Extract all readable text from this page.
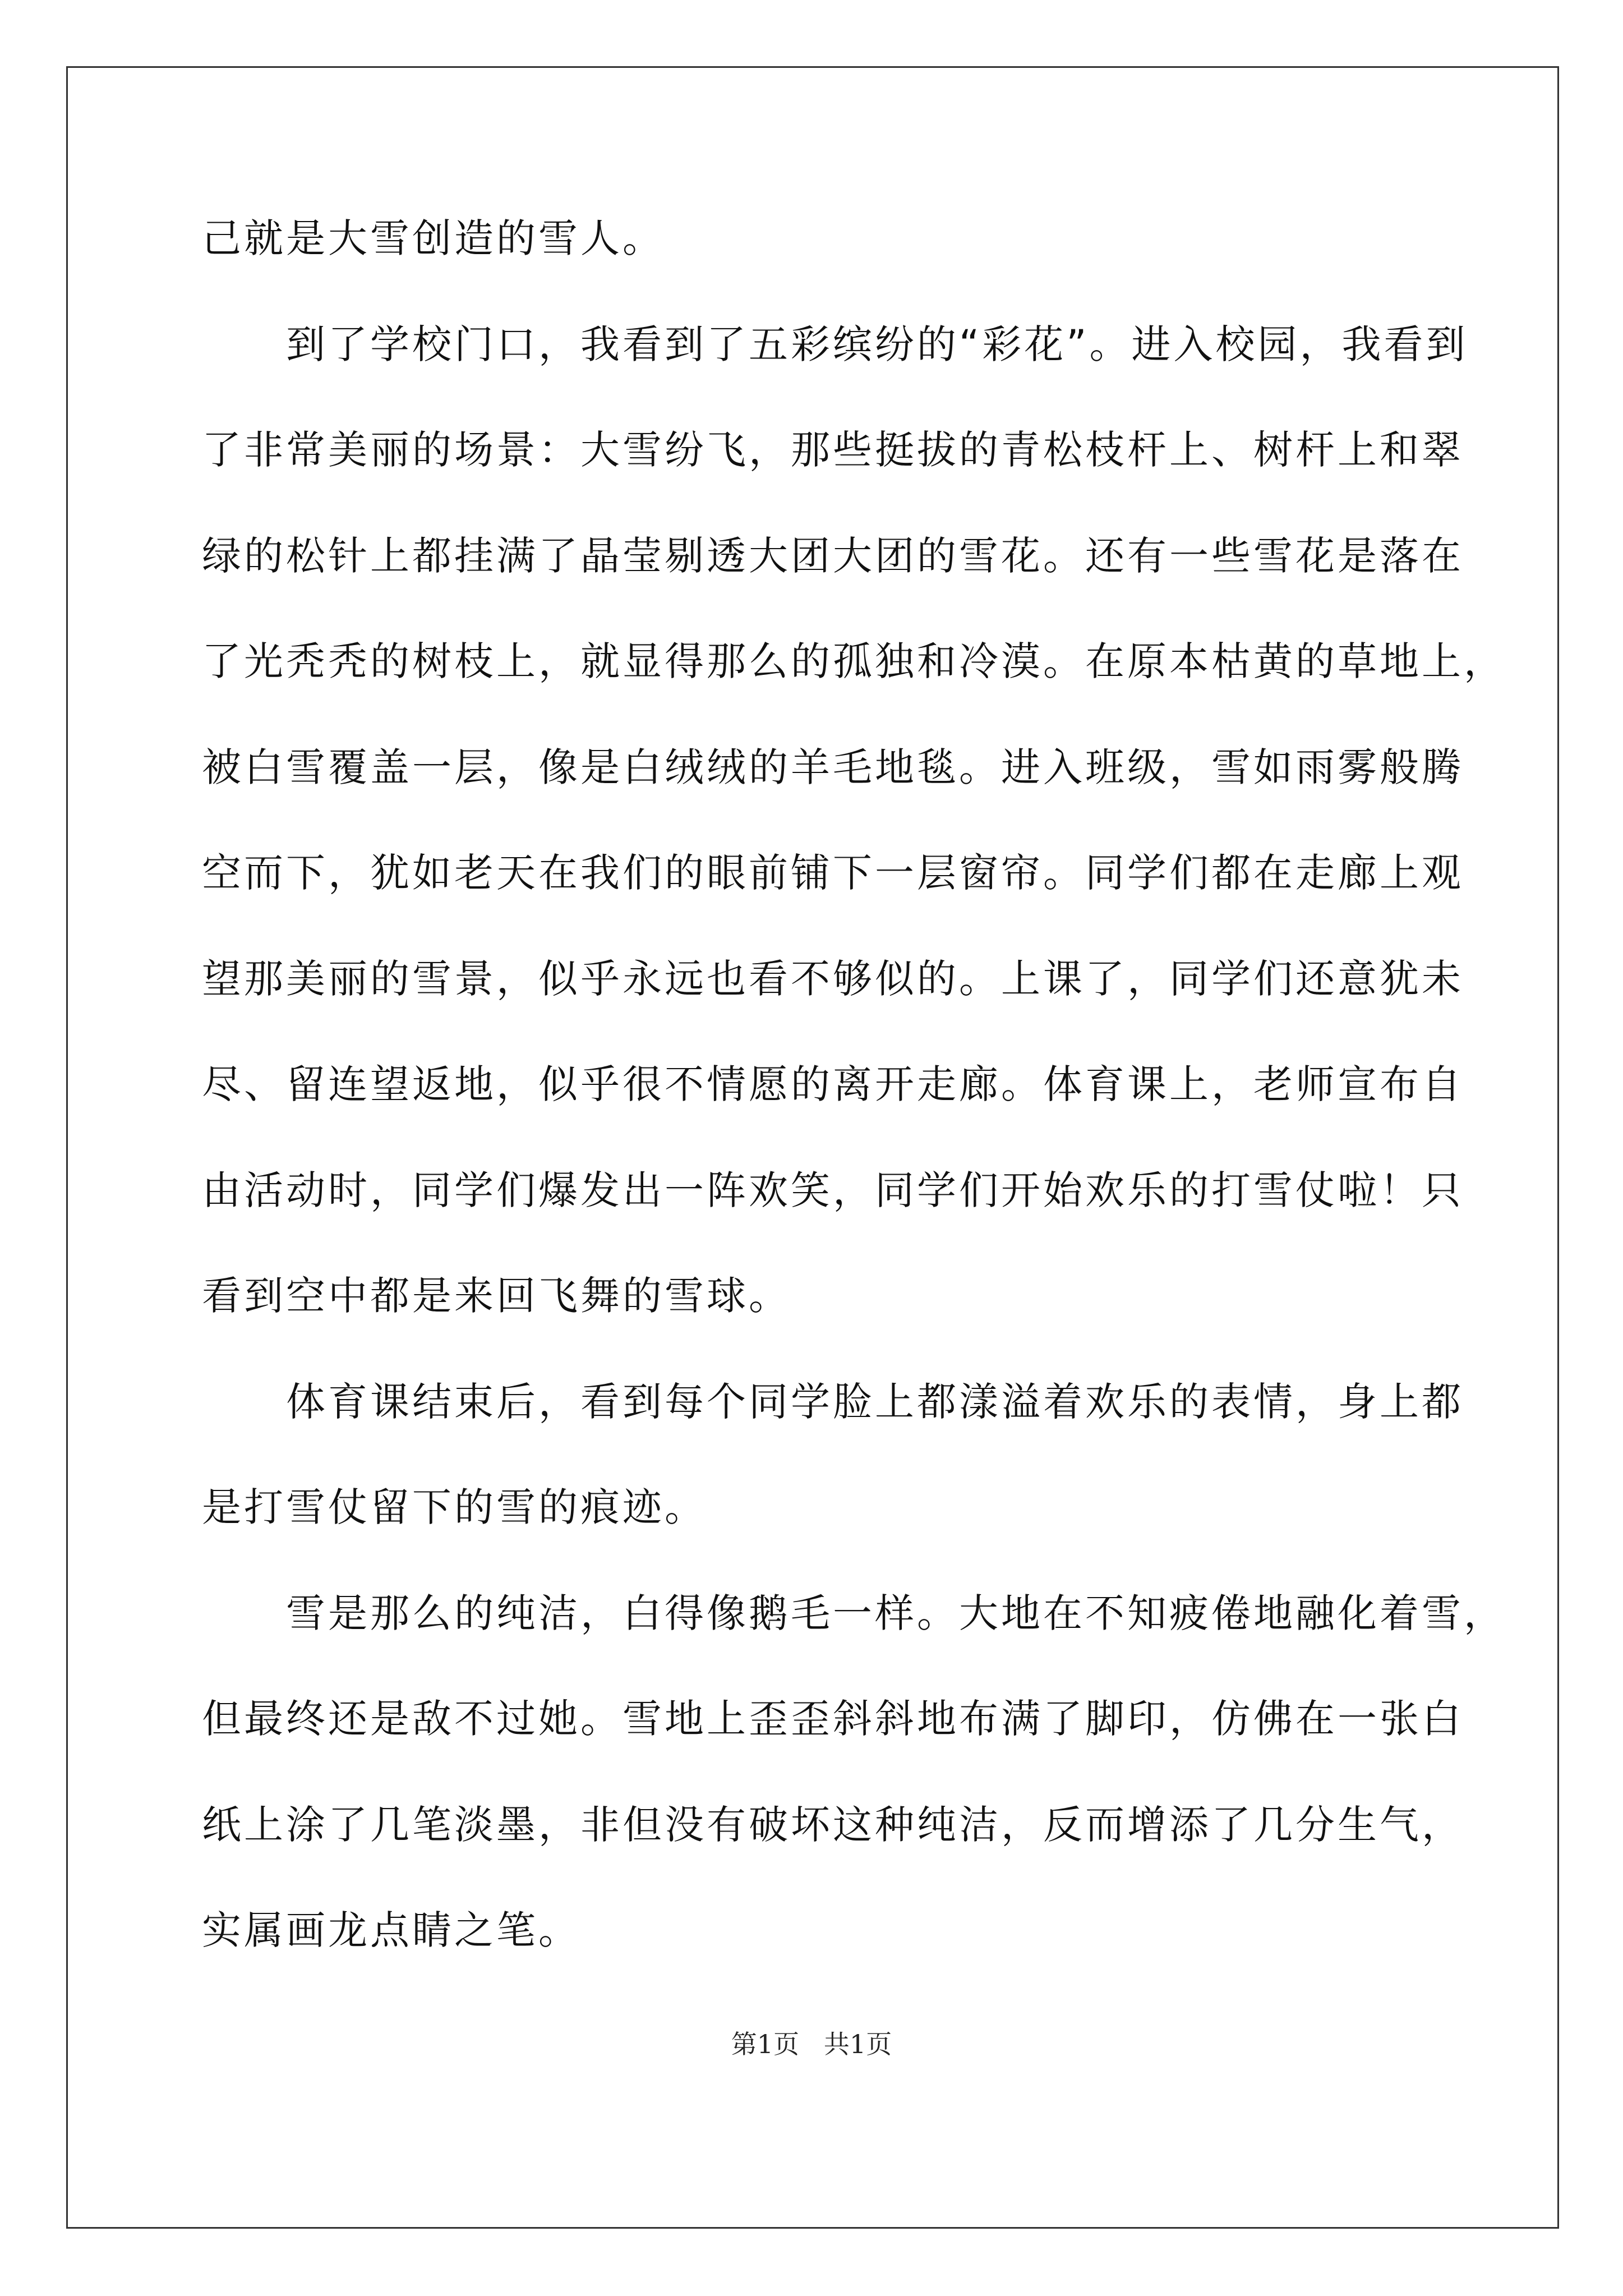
己就是大雪创造的雪人。
　　到了学校门口，我看到了五彩缤纷的“彩花”。进入校园，我看到
了非常美丽的场景：大雪纷飞，那些挺拔的青松枝杆上、树杆上和翠
绿的松针上都挂满了晶莹剔透大团大团的雪花。还有一些雪花是落在
了光秃秃的树枝上，就显得那么的孤独和冷漠。在原本枯黄的草地上，
被白雪覆盖一层，像是白绒绒的羊毛地毯。进入班级，雪如雨雾般腾
空而下，犹如老天在我们的眼前铺下一层窗帘。同学们都在走廊上观
望那美丽的雪景，似乎永远也看不够似的。上课了，同学们还意犹未
尽、留连望返地，似乎很不情愿的离开走廊。体育课上，老师宣布自
由活动时，同学们爆发出一阵欢笑，同学们开始欢乐的打雪仗啦！只
看到空中都是来回飞舞的雪球。
　　体育课结束后，看到每个同学脸上都漾溢着欢乐的表情，身上都
是打雪仗留下的雪的痕迹。
　　雪是那么的纯洁，白得像鹅毛一样。大地在不知疲倦地融化着雪，
但最终还是敌不过她。雪地上歪歪斜斜地布满了脚印，仿佛在一张白
纸上涂了几笔淡墨，非但没有破坏这种纯洁，反而增添了几分生气，
实属画龙点睛之笔。
第1页   共1页
